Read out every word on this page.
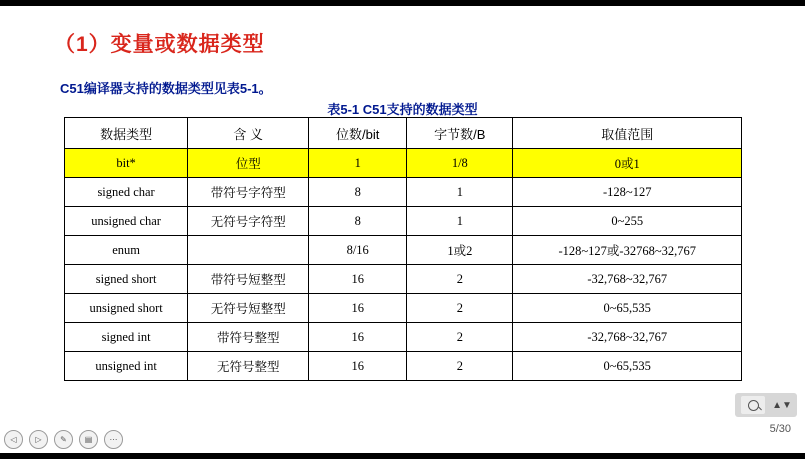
（1）变量或数据类型
C51编译器支持的数据类型见表5-1。
表5-1 C51支持的数据类型
数据类型	含 义	位数/bit	字节数/B	取值范围
bit*	位型	1	1/8	0或1
signed char	带符号字符型	8	1	-128~127
unsigned char	无符号字符型	8	1	0~255
enum		8/16	1或2	-128~127或-32768~32,767
signed short	带符号短整型	16	2	-32,768~32,767
unsigned short	无符号短整型	16	2	0~65,535
signed int	带符号整型	16	2	-32,768~32,767
unsigned int	无符号整型	16	2	0~65,535
5/30
▲▼
◁	▷	✎	▤	⋯
